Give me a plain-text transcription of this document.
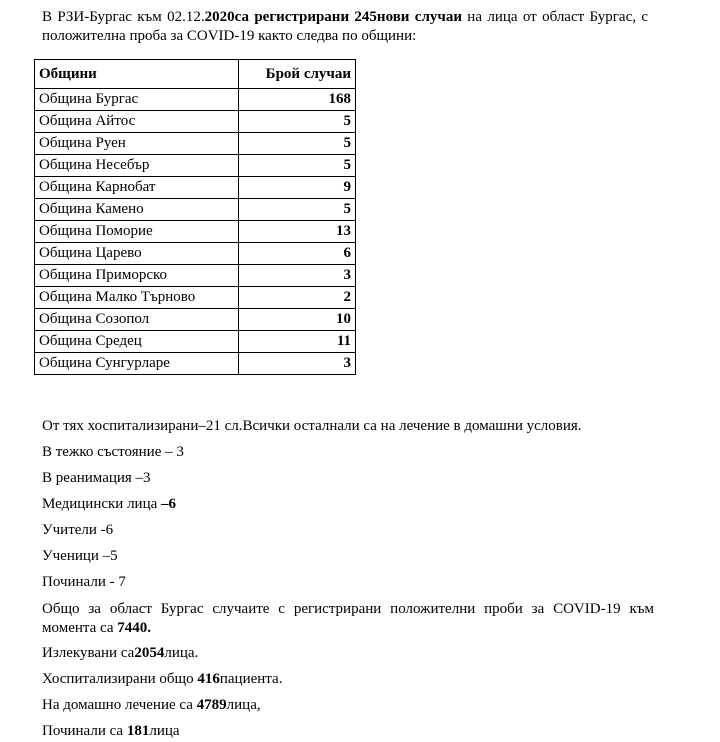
В РЗИ-Бургас към 02.12.2020са регистрирани 245нови случаи на лица от област Бургас, с положителна проба за COVID-19 както следва по общини:

Общини	Брой случаи
Община Бургас	168
Община Айтос	5
Община Руен	5
Община Несебър	5
Община Карнобат	9
Община Камено	5
Община Поморие	13
Община Царево	6
Община Приморско	3
Община Малко Търново	2
Община Созопол	10
Община Средец	11
Община Сунгурларе	3

От тях хоспитализирани–21 сл.Всички осталнали са на лечение в домашни условия.

В тежко състояние – 3

В реанимация –3

Медицински лица –6

Учители -6

Ученици –5

Починали - 7

Общо за област Бургас случаите с регистрирани положителни проби за COVID-19 към момента са 7440.

Излекувани са2054лица.

Хоспитализирани общо 416пациента.

На домашно лечение са 4789лица,

Починали са 181лица
